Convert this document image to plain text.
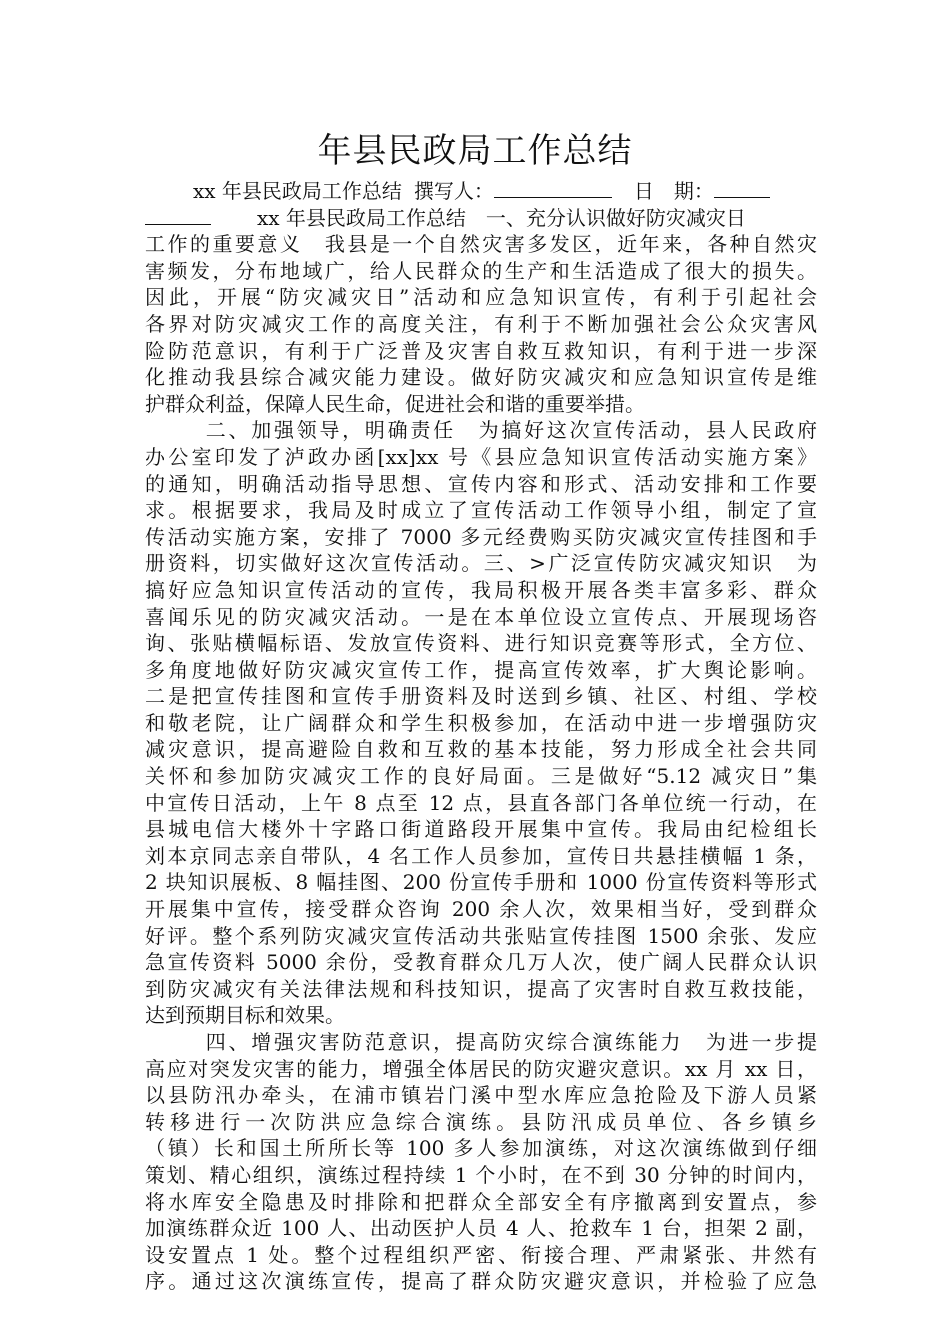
年县民政局工作总结
xx 年县民政局工作总结 撰写人：	日　期：
xx 年县民政局工作总结　一、充分认识做好防灾减灾日
工作的重要意义　我县是一个自然灾害多发区，近年来，各种自然灾
害频发，分布地域广，给人民群众的生产和生活造成了很大的损失。
因此，开展“防灾减灾日”活动和应急知识宣传，有利于引起社会
各界对防灾减灾工作的高度关注，有利于不断加强社会公众灾害风
险防范意识，有利于广泛普及灾害自救互救知识，有利于进一步深
化推动我县综合减灾能力建设。做好防灾减灾和应急知识宣传是维
护群众利益，保障人民生命，促进社会和谐的重要举措。
二、加强领导，明确责任　为搞好这次宣传活动，县人民政府
办公室印发了泸政办函[xx]xx 号《县应急知识宣传活动实施方案》
的通知，明确活动指导思想、宣传内容和形式、活动安排和工作要
求。根据要求，我局及时成立了宣传活动工作领导小组，制定了宣
传活动实施方案，安排了 7000 多元经费购买防灾减灾宣传挂图和手
册资料，切实做好这次宣传活动。三、>广泛宣传防灾减灾知识　为
搞好应急知识宣传活动的宣传，我局积极开展各类丰富多彩、群众
喜闻乐见的防灾减灾活动。一是在本单位设立宣传点、开展现场咨
询、张贴横幅标语、发放宣传资料、进行知识竞赛等形式，全方位、
多角度地做好防灾减灾宣传工作，提高宣传效率，扩大舆论影响。
二是把宣传挂图和宣传手册资料及时送到乡镇、社区、村组、学校
和敬老院，让广阔群众和学生积极参加，在活动中进一步增强防灾
减灾意识，提高避险自救和互救的基本技能，努力形成全社会共同
关怀和参加防灾减灾工作的良好局面。三是做好“5.12 减灾日”集
中宣传日活动，上午 8 点至 12 点，县直各部门各单位统一行动，在
县城电信大楼外十字路口街道路段开展集中宣传。我局由纪检组长
刘本京同志亲自带队，4 名工作人员参加，宣传日共悬挂横幅 1 条，
2 块知识展板、8 幅挂图、200 份宣传手册和 1000 份宣传资料等形式
开展集中宣传，接受群众咨询 200 余人次，效果相当好，受到群众
好评。整个系列防灾减灾宣传活动共张贴宣传挂图 1500 余张、发应
急宣传资料 5000 余份，受教育群众几万人次，使广阔人民群众认识
到防灾减灾有关法律法规和科技知识，提高了灾害时自救互救技能，
达到预期目标和效果。
四、增强灾害防范意识，提高防灾综合演练能力　为进一步提
高应对突发灾害的能力，增强全体居民的防灾避灾意识。xx 月 xx 日，
以县防汛办牵头，在浦市镇岩门溪中型水库应急抢险及下游人员紧
转移进行一次防洪应急综合演练。县防汛成员单位、各乡镇乡
（镇）长和国土所所长等 100 多人参加演练，对这次演练做到仔细
策划、精心组织，演练过程持续 1 个小时，在不到 30 分钟的时间内，
将水库安全隐患及时排除和把群众全部安全有序撤离到安置点，参
加演练群众近 100 人、出动医护人员 4 人、抢救车 1 台，担架 2 副，
设安置点 1 处。整个过程组织严密、衔接合理、严肃紧张、井然有
序。通过这次演练宣传，提高了群众防灾避灾意识，并检验了应急
